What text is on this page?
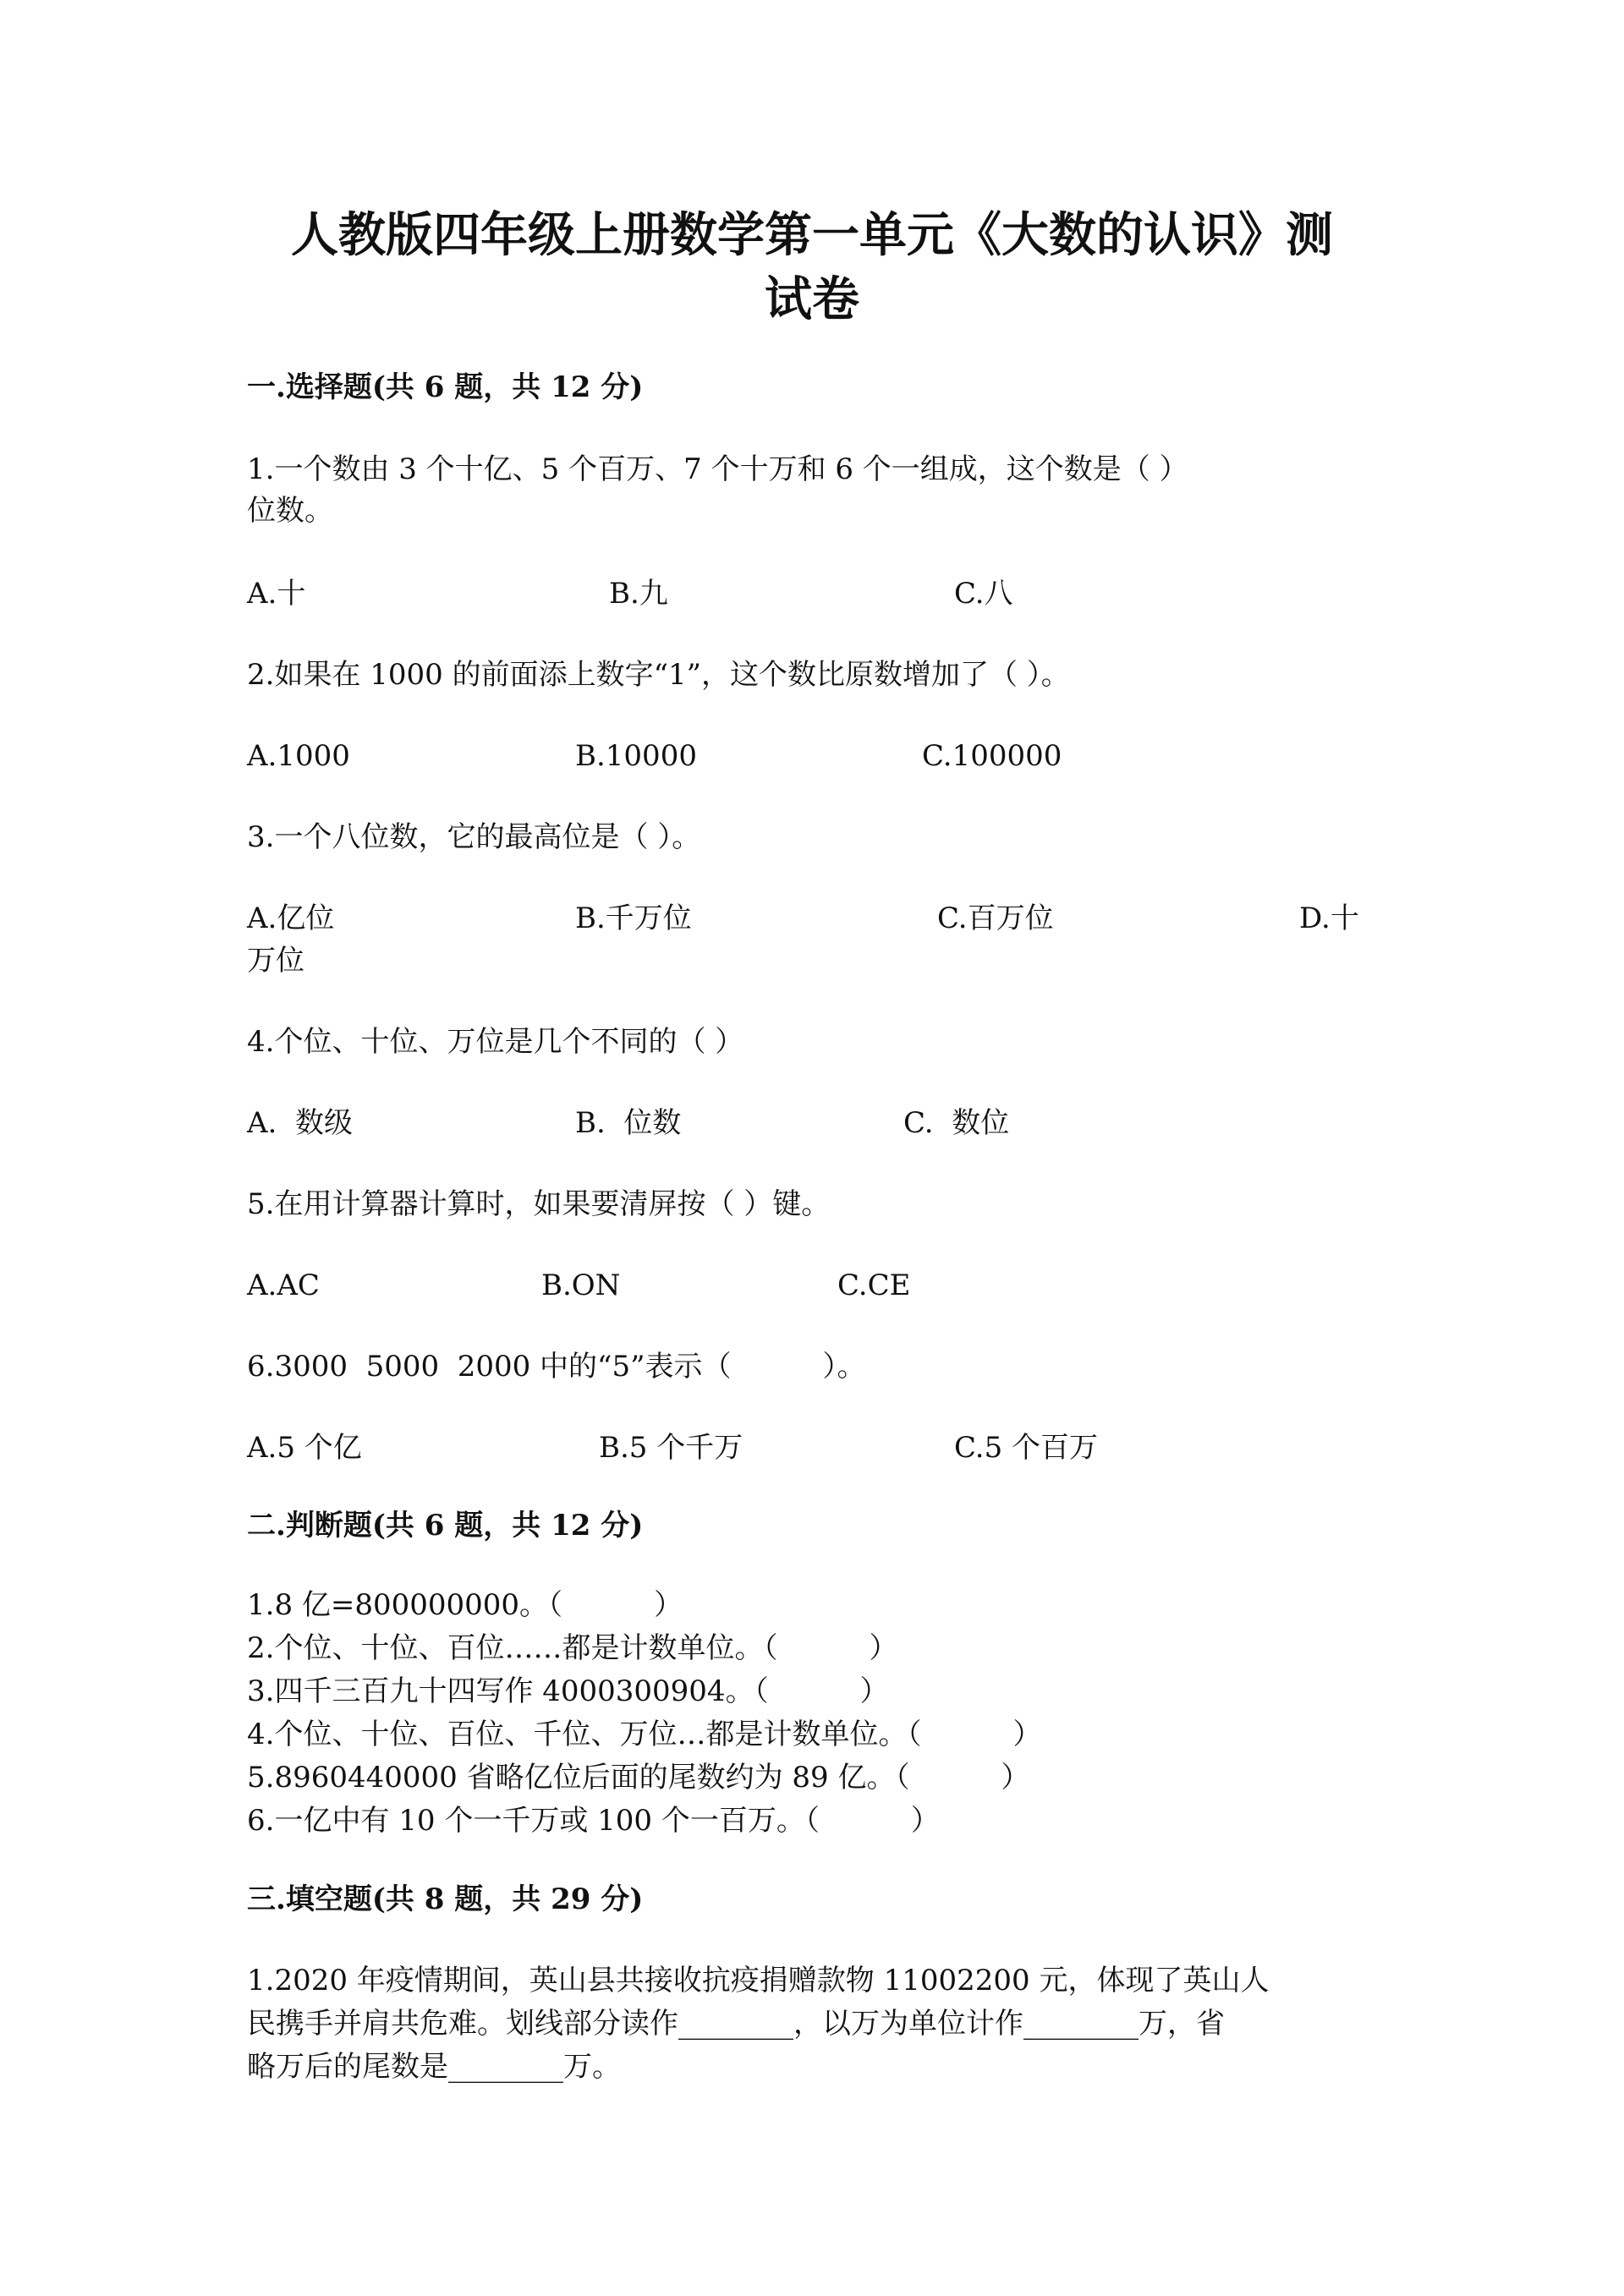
人教版四年级上册数学第一单元《大数的认识》测
试卷
一.选择题(共 6 题，共 12 分)

1.一个数由 3 个十亿、5 个百万、7 个十万和 6 个一组成，这个数是（ ）

位数。

A.十	B.九	C.八

2.如果在 1000 的前面添上数字“1”，这个数比原数增加了（ ）。

A.1000	B.10000	C.100000

3.一个八位数，它的最高位是（ ）。

A.亿位	B.千万位	C.百万位	D.十

万位

4.个位、十位、万位是几个不同的（ ）

A.  数级	B.  位数	C.  数位

5.在用计算器计算时，如果要清屏按（ ）键。

A.AC	B.ON	C.CE

6.3000  5000  2000 中的“5”表示（          ）。

A.5 个亿	B.5 个千万	C.5 个百万

二.判断题(共 6 题，共 12 分)

1.8 亿=800000000。（          ）

2.个位、十位、百位……都是计数单位。（          ）

3.四千三百九十四写作 4000300904。（          ）

4.个位、十位、百位、千位、万位…都是计数单位。（          ）

5.8960440000 省略亿位后面的尾数约为 89 亿。（          ）

6.一亿中有 10 个一千万或 100 个一百万。（          ）

三.填空题(共 8 题，共 29 分)

1.2020 年疫情期间，英山县共接收抗疫捐赠款物 11002200 元，体现了英山人

民携手并肩共危难。划线部分读作________，以万为单位计作________万，省

略万后的尾数是________万。
